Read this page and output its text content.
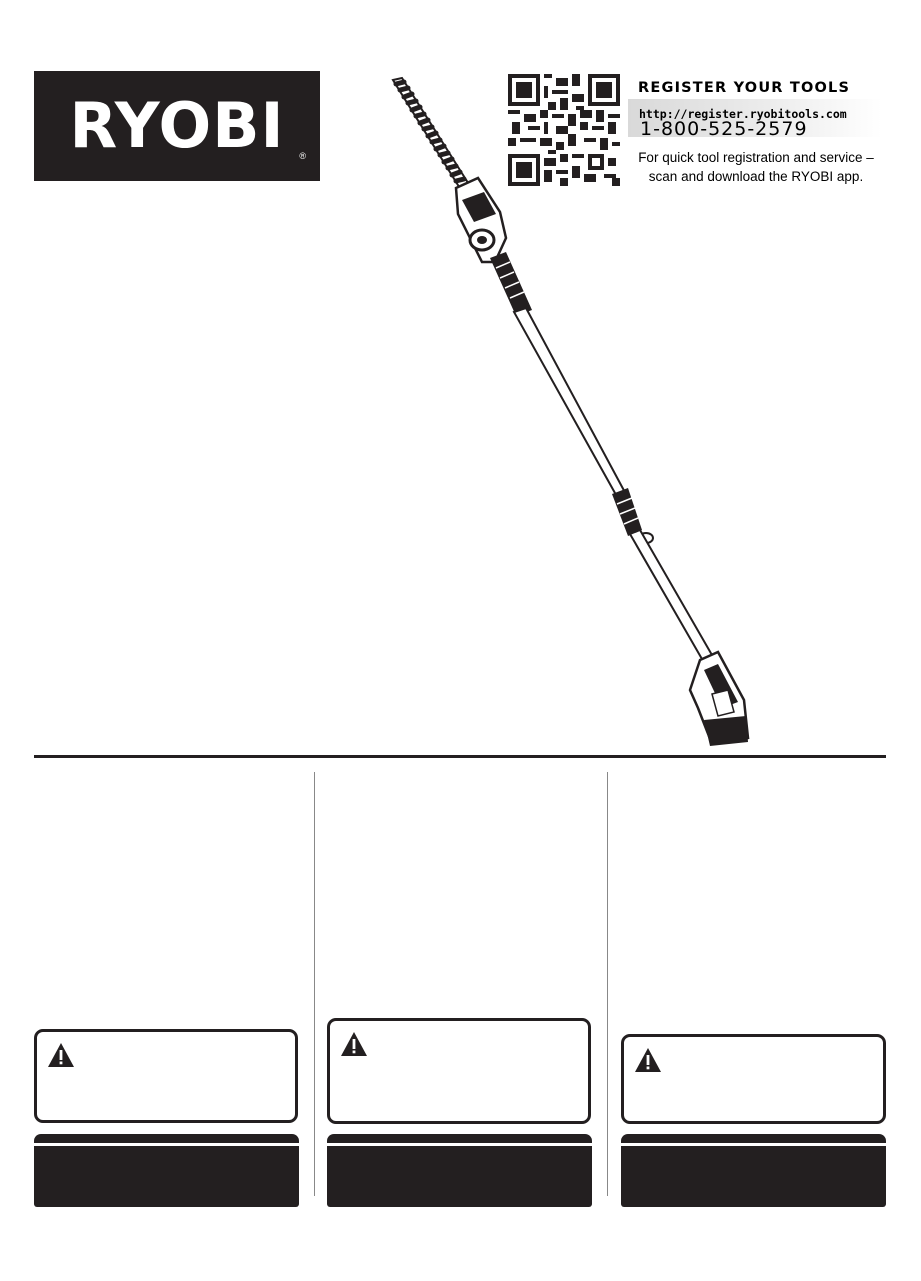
RYOBI	®
REGISTER YOUR TOOLS
http://register.ryobitools.com
1-800-525-2579
For quick tool registration and service –
scan and download the RYOBI app.
